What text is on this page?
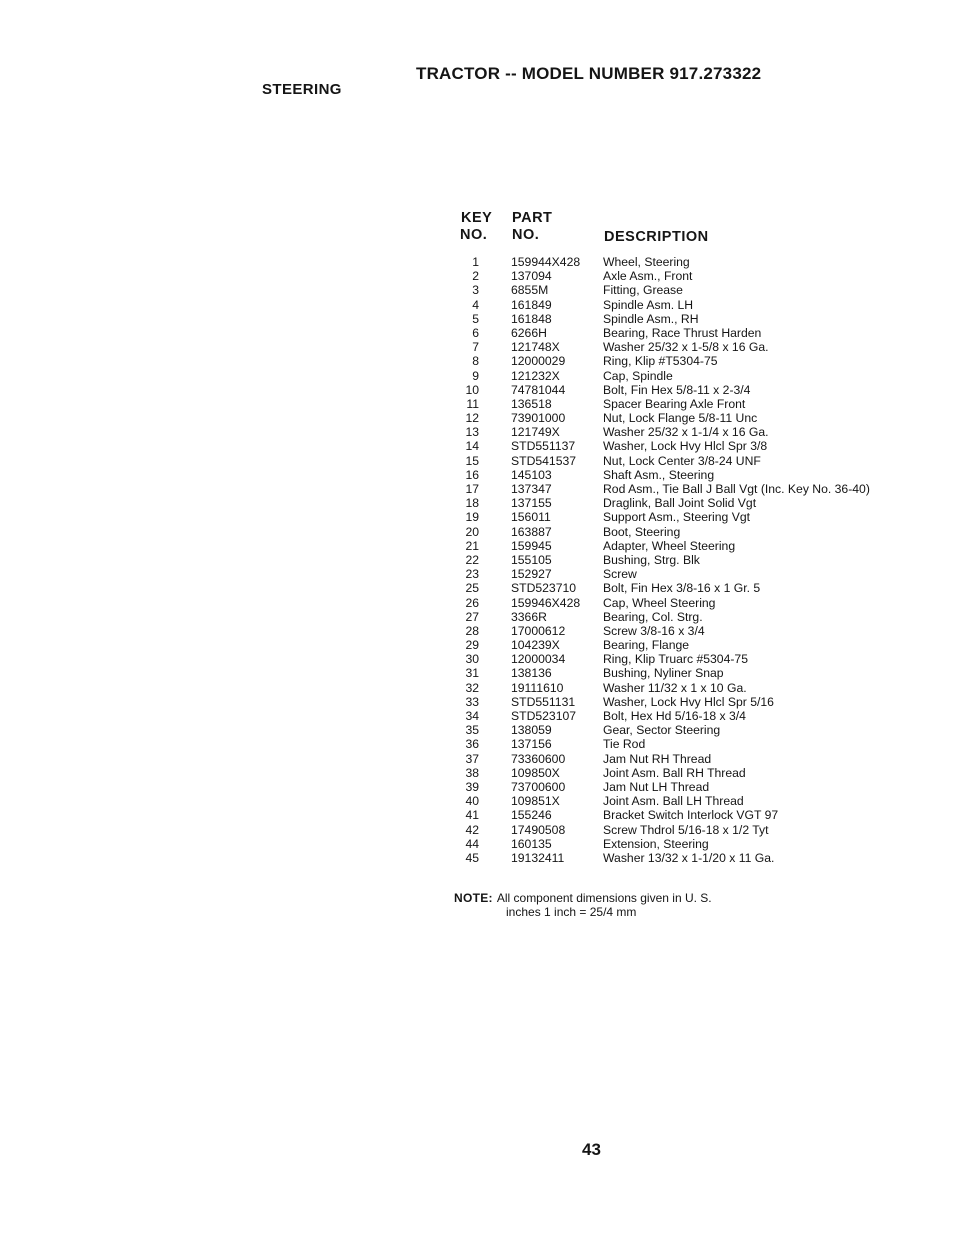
TRACTOR -- MODEL NUMBER 917.273322
STEERING
KEY
NO.
PART
NO.	DESCRIPTION
1	159944X428 Wheel, Steering
2	137094	Axle Asm., Front
3	6855M	Fitting, Grease
4	161849	Spindle Asm. LH
5	161848	Spindle Asm., RH
6	6266H	Bearing, Race Thrust Harden
7	121748X	Washer 25/32 x 1-5/8 x 16 Ga.
8	12000029	Ring, Klip #T5304-75
9	121232X	Cap, Spindle
10	74781044	Bolt, Fin Hex 5/8-11 x 2-3/4
11	136518	Spacer Bearing Axle Front
12	73901000	Nut, Lock Flange 5/8-11 Unc
13	121749X	Washer 25/32 x 1-1/4 x 16 Ga.
14	STD551137 Washer, Lock Hvy Hlcl Spr 3/8
15	STD541537 Nut, Lock Center 3/8-24 UNF
16	145103	Shaft Asm., Steering
17	137347	Rod Asm., Tie Ball J Ball Vgt (Inc. Key No. 36-40)
18	137155	Draglink, Ball Joint Solid Vgt
19	156011	Support Asm., Steering Vgt
20	163887	Boot, Steering
21	159945	Adapter, Wheel Steering
22	155105	Bushing, Strg. Blk
23	152927	Screw
25	STD523710 Bolt, Fin Hex 3/8-16 x 1 Gr. 5
26	159946X428 Cap, Wheel Steering
27	3366R	Bearing, Col. Strg.
28	17000612	Screw 3/8-16 x 3/4
29	104239X	Bearing, Flange
30	12000034	Ring, Klip Truarc #5304-75
31	138136	Bushing, Nyliner Snap
32	19111610	Washer 11/32 x 1 x 10 Ga.
33	STD551131 Washer, Lock Hvy Hlcl Spr 5/16
34	STD523107 Bolt, Hex Hd 5/16-18 x 3/4
35	138059	Gear, Sector Steering
36	137156	Tie Rod
37	73360600	Jam Nut RH Thread
38	109850X	Joint Asm. Ball RH Thread
39	73700600	Jam Nut LH Thread
40	109851X	Joint Asm. Ball LH Thread
41	155246	Bracket Switch Interlock VGT 97
42	17490508	Screw Thdrol 5/16-18 x 1/2 Tyt
44	160135	Extension, Steering
45	19132411	Washer 13/32 x 1-1/20 x 11 Ga.
NOTE: All component dimensions given in U. S.
inches 1 inch = 25/4 mm
43
